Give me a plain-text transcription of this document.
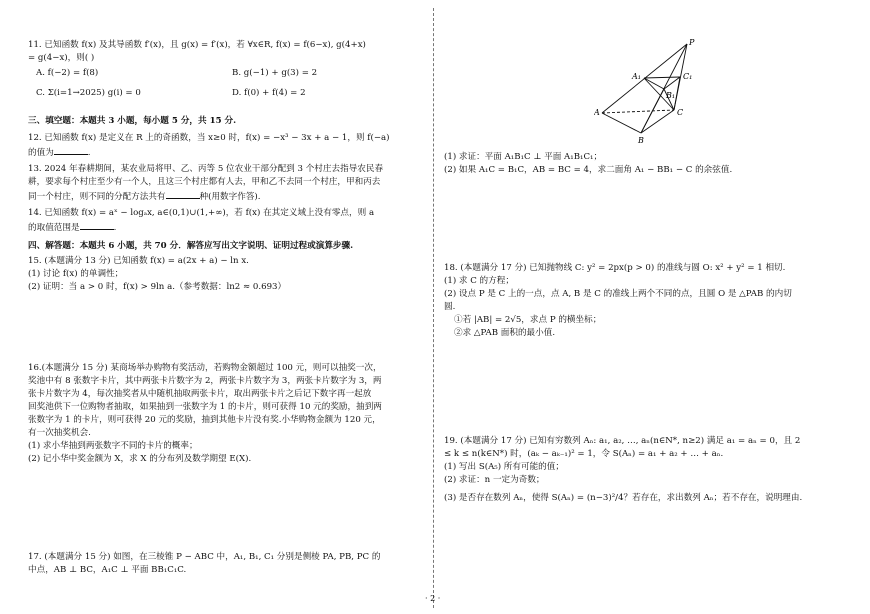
11. 已知函数 f(x) 及其导函数 f′(x)，且 g(x) = f′(x)，若 ∀x∈R, f(x) = f(6−x), g(4+x)
= g(4−x)，则( )
A. f(−2) = f(8)	B. g(−1) + g(3) = 2
C. Σ(i=1→2025) g(i) = 0	D. f(0) + f(4) = 2
三、填空题：本题共 3 小题，每小题 5 分，共 15 分.
12. 已知函数 f(x) 是定义在 R 上的奇函数，当 x≥0 时，f(x) = −x³ − 3x + a − 1，则 f(−a)
的值为	.
13. 2024 年春耕期间，某农业局将甲、乙、丙等 5 位农业干部分配到 3 个村庄去指导农民春
耕，要求每个村庄至少有一个人，且这三个村庄都有人去，甲和乙不去同一个村庄，甲和丙去
同一个村庄，则不同的分配方法共有	种(用数字作答).
14. 已知函数 f(x) = aˣ − logₐx, a∈(0,1)∪(1,+∞)，若 f(x) 在其定义域上没有零点，则 a
的取值范围是	.
四、解答题：本题共 6 小题，共 70 分．解答应写出文字说明、证明过程或演算步骤.
15. (本题满分 13 分) 已知函数 f(x) = a(2x + a) − ln x.
(1) 讨论 f(x) 的单调性；
(2) 证明：当 a > 0 时，f(x) > 9ln a.（参考数据：ln2 ≈ 0.693）
16.(本题满分 15 分) 某商场举办购物有奖活动，若购物金额超过 100 元，则可以抽奖一次，
奖池中有 8 张数字卡片，其中两张卡片数字为 2，两张卡片数字为 3，两张卡片数字为 3，两
张卡片数字为 4，每次抽奖者从中随机抽取两张卡片，取出两张卡片之后记下数字再一起放
回奖池供下一位购物者抽取，如果抽到一张数字为 1 的卡片，则可获得 10 元的奖励，抽到两
张数字为 1 的卡片，则可获得 20 元的奖励，抽到其他卡片没有奖.小华购物金额为 120 元，
有一次抽奖机会.
(1) 求小华抽到两张数字不同的卡片的概率；
(2) 记小华中奖金额为 X，求 X 的分布列及数学期望 E(X).
17. (本题满分 15 分) 如图，在三棱锥 P − ABC 中，A₁, B₁, C₁ 分别是侧棱 PA, PB, PC 的
中点，AB ⊥ BC，A₁C ⊥ 平面 BB₁C₁C.
P
A₁	C₁
B₁
A	C
B
(1) 求证：平面 A₁B₁C ⊥ 平面 A₁B₁C₁；
(2) 如果 A₁C = B₁C，AB = BC = 4，求二面角 A₁ − BB₁ − C 的余弦值.
18. (本题满分 17 分) 已知抛物线 C: y² = 2px(p > 0) 的准线与圆 O: x² + y² = 1 相切.
(1) 求 C 的方程；
(2) 设点 P 是 C 上的一点，点 A, B 是 C 的准线上两个不同的点，且圆 O 是 △PAB 的内切
圆.
①若 |AB| = 2√5，求点 P 的横坐标；
②求 △PAB 面积的最小值.
19. (本题满分 17 分) 已知有穷数列 Aₙ: a₁, a₂, …, aₙ(n∈N*, n≥2) 满足 a₁ = aₙ = 0，且 2
≤ k ≤ n(k∈N*) 时，(aₖ − aₖ₋₁)² = 1，令 S(Aₙ) = a₁ + a₂ + … + aₙ.
(1) 写出 S(A₅) 所有可能的值；
(2) 求证：n 一定为奇数；
(3) 是否存在数列 Aₙ，使得 S(Aₙ) = (n−3)²/4？若存在，求出数列 Aₙ；若不存在，说明理由.
· 2 ·
